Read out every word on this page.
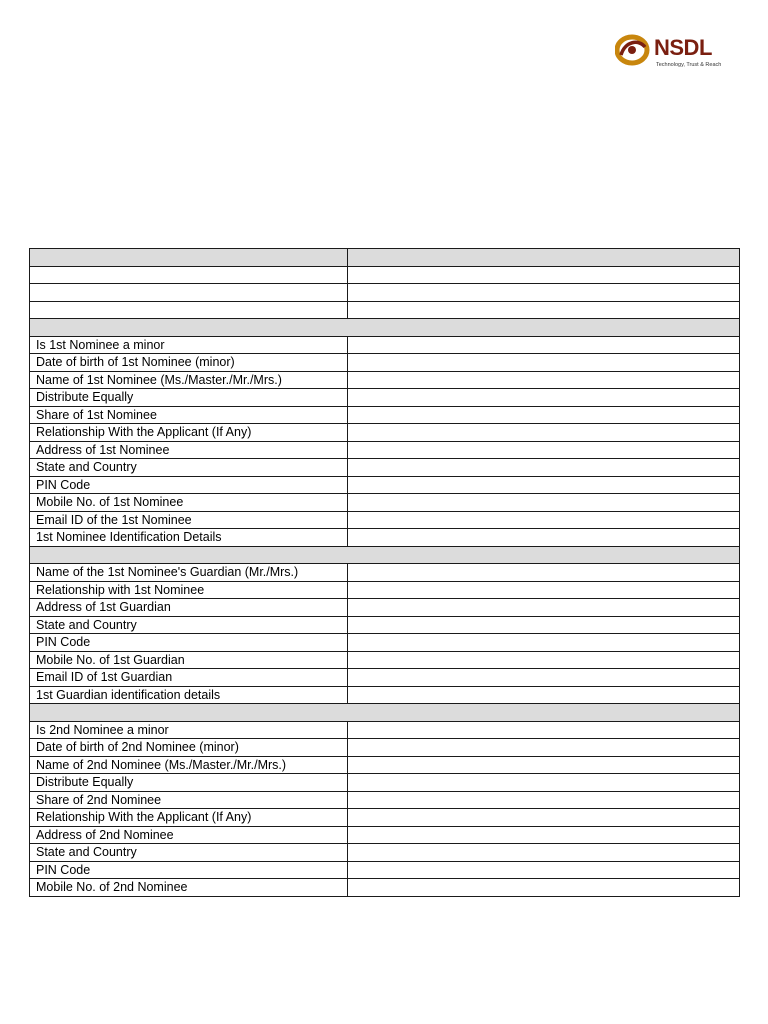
NSDL
Technology, Trust & Reach

Is 1st Nominee a minor	
Date of birth of 1st Nominee (minor)	
Name of 1st Nominee (Ms./Master./Mr./Mrs.)	
Distribute Equally	
Share of 1st Nominee	
Relationship With the Applicant (If Any)	
Address of 1st Nominee	
State and Country	
PIN Code	
Mobile No. of 1st Nominee	
Email ID of the 1st Nominee	
1st Nominee Identification Details	

Name of the 1st Nominee's Guardian (Mr./Mrs.)	
Relationship with 1st Nominee	
Address of 1st Guardian	
State and Country	
PIN Code	
Mobile No. of 1st Guardian	
Email ID of 1st Guardian	
1st Guardian identification details	

Is 2nd Nominee a minor	
Date of birth of 2nd Nominee (minor)	
Name of 2nd Nominee (Ms./Master./Mr./Mrs.)	
Distribute Equally	
Share of 2nd Nominee	
Relationship With the Applicant (If Any)	
Address of 2nd Nominee	
State and Country	
PIN Code	
Mobile No. of 2nd Nominee	
